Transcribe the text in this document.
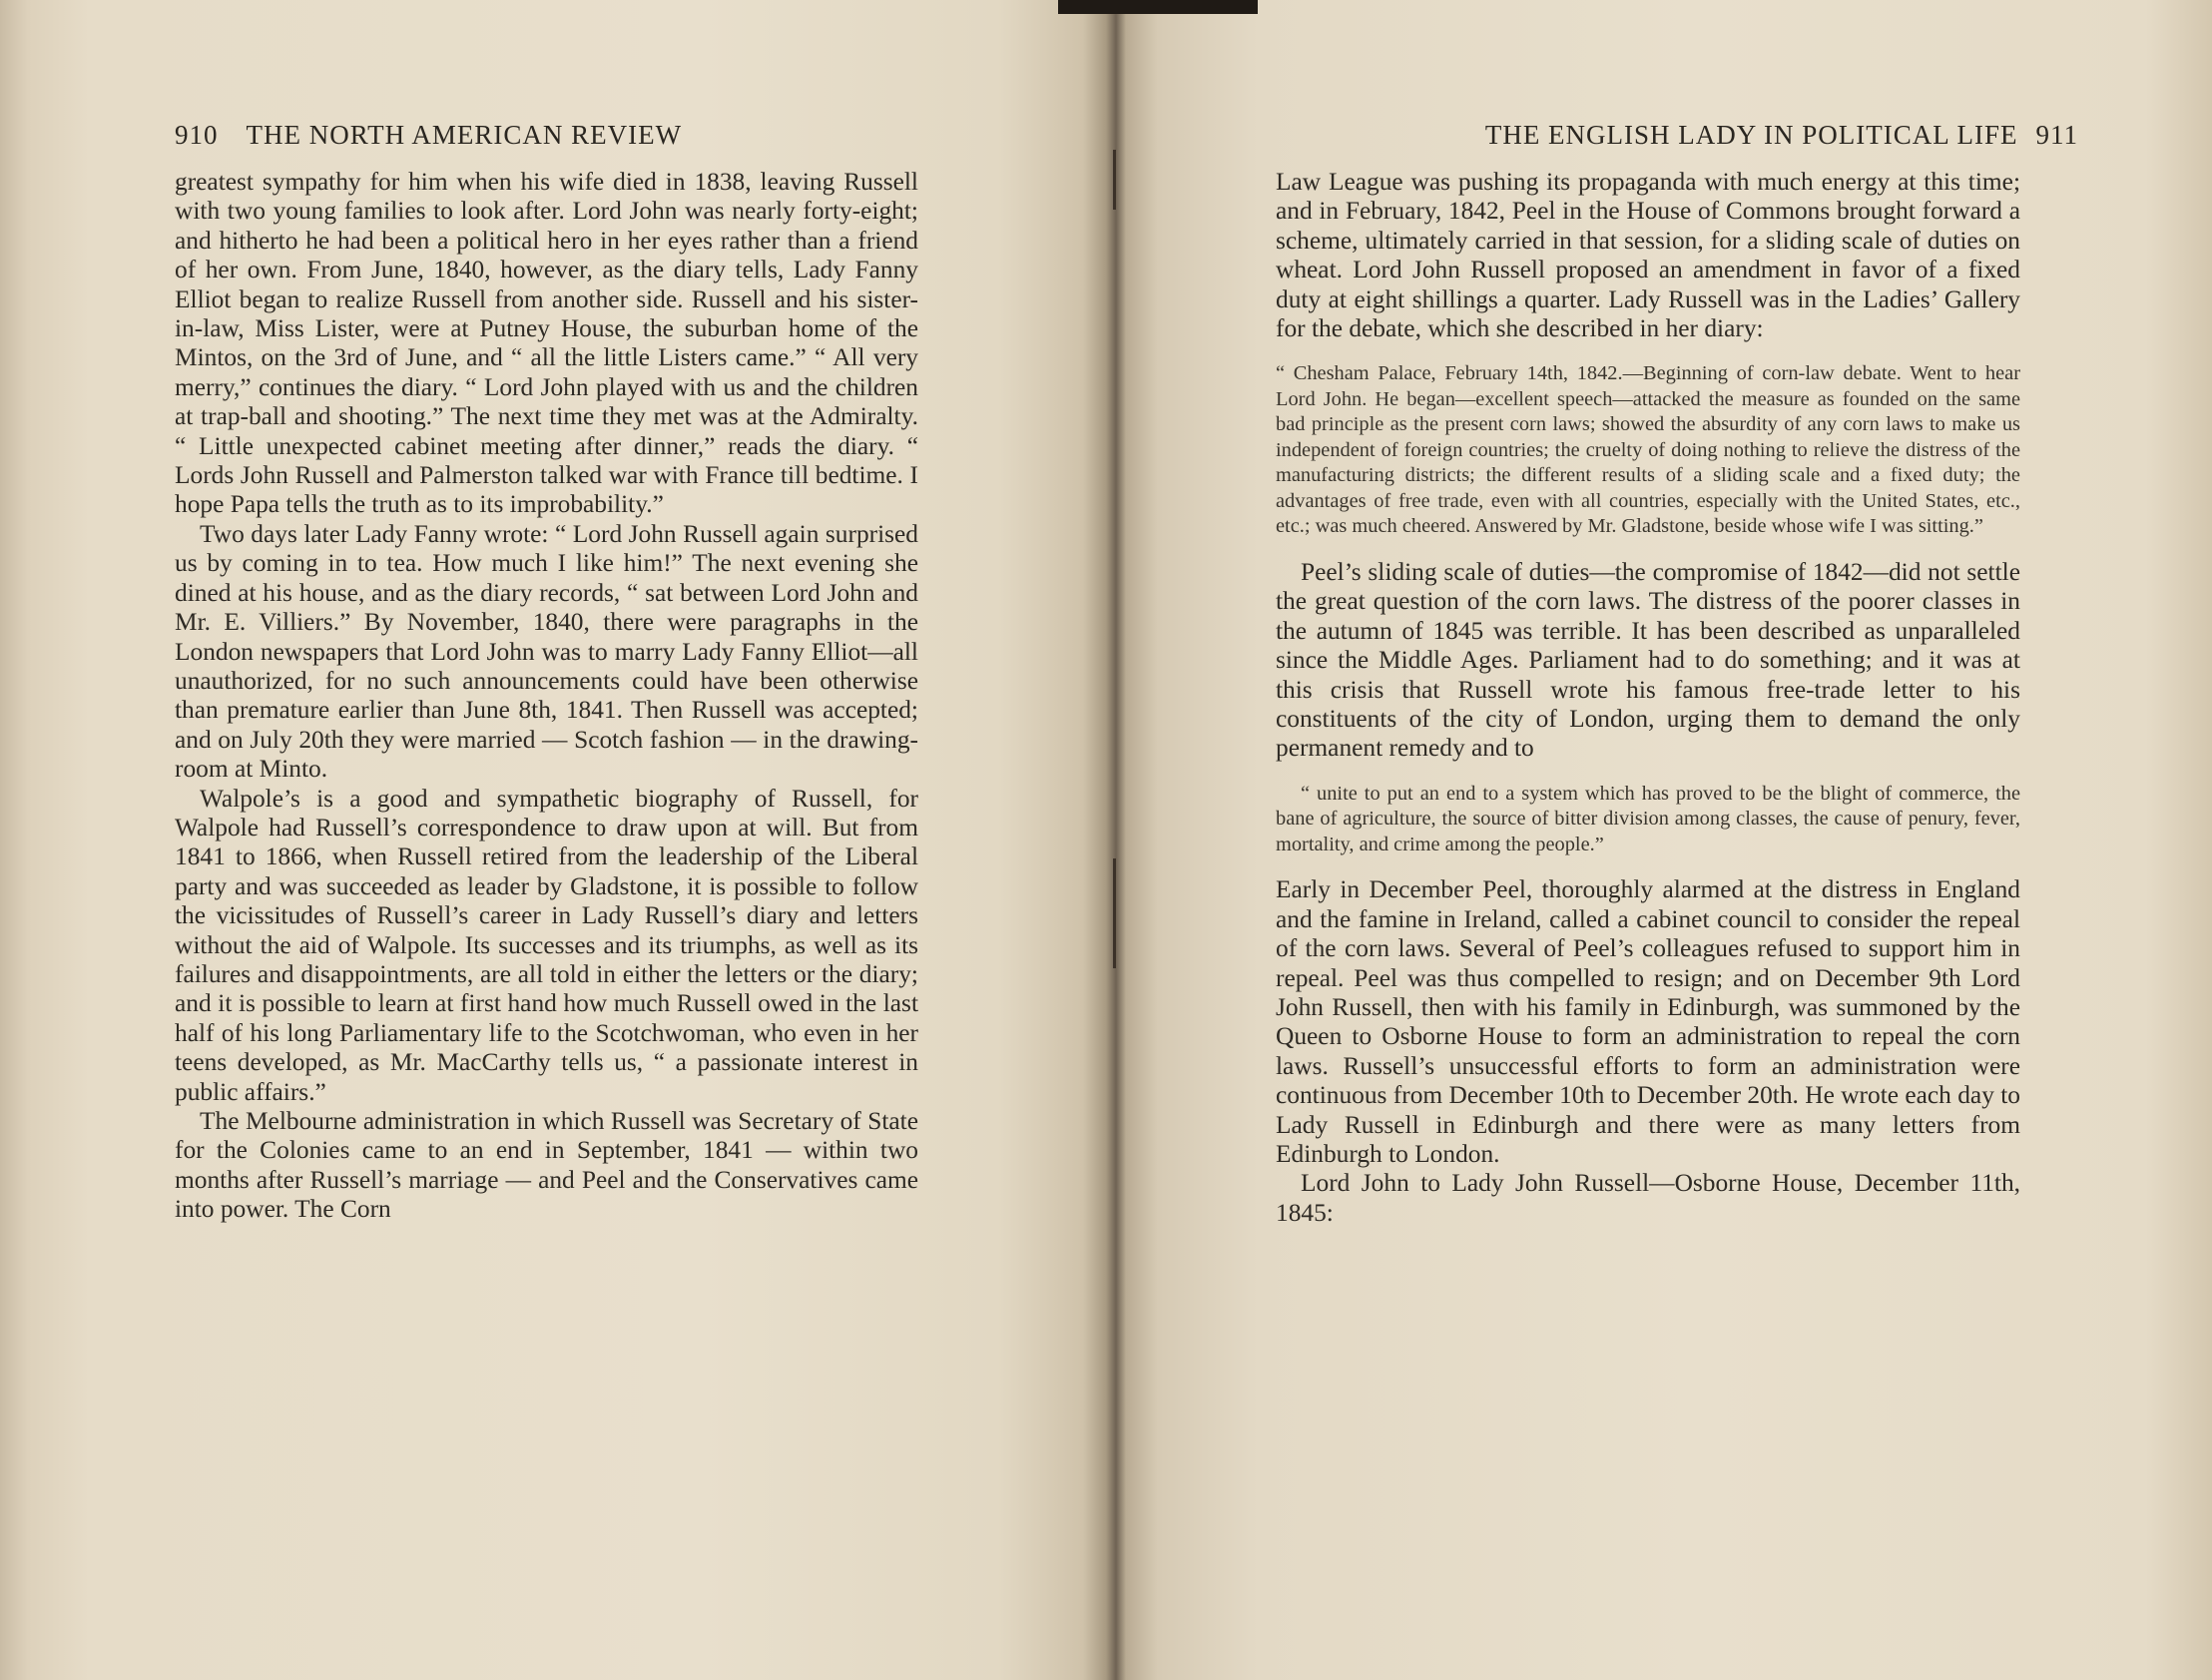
910 THE NORTH AMERICAN REVIEW

greatest sympathy for him when his wife died in 1838, leaving Russell with two young families to look after. Lord John was nearly forty-eight; and hitherto he had been a political hero in her eyes rather than a friend of her own. From June, 1840, however, as the diary tells, Lady Fanny Elliot began to realize Russell from another side. Russell and his sister-in-law, Miss Lister, were at Putney House, the suburban home of the Mintos, on the 3rd of June, and “ all the little Listers came.” “ All very merry,” continues the diary. “ Lord John played with us and the children at trap-ball and shooting.” The next time they met was at the Admiralty. “ Little unexpected cabinet meeting after dinner,” reads the diary. “ Lords John Russell and Palmerston talked war with France till bedtime. I hope Papa tells the truth as to its improbability.”

Two days later Lady Fanny wrote: “ Lord John Russell again surprised us by coming in to tea. How much I like him!” The next evening she dined at his house, and as the diary records, “ sat between Lord John and Mr. E. Villiers.” By November, 1840, there were paragraphs in the London newspapers that Lord John was to marry Lady Fanny Elliot—all unauthorized, for no such announcements could have been otherwise than premature earlier than June 8th, 1841. Then Russell was accepted; and on July 20th they were married — Scotch fashion — in the drawing-room at Minto.

Walpole’s is a good and sympathetic biography of Russell, for Walpole had Russell’s correspondence to draw upon at will. But from 1841 to 1866, when Russell retired from the leadership of the Liberal party and was succeeded as leader by Gladstone, it is possible to follow the vicissitudes of Russell’s career in Lady Russell’s diary and letters without the aid of Walpole. Its successes and its triumphs, as well as its failures and disappointments, are all told in either the letters or the diary; and it is possible to learn at first hand how much Russell owed in the last half of his long Parliamentary life to the Scotchwoman, who even in her teens developed, as Mr. MacCarthy tells us, “ a passionate interest in public affairs.”

The Melbourne administration in which Russell was Secretary of State for the Colonies came to an end in September, 1841 — within two months after Russell’s marriage — and Peel and the Conservatives came into power. The Corn

THE ENGLISH LADY IN POLITICAL LIFE 911

Law League was pushing its propaganda with much energy at this time; and in February, 1842, Peel in the House of Commons brought forward a scheme, ultimately carried in that session, for a sliding scale of duties on wheat. Lord John Russell proposed an amendment in favor of a fixed duty at eight shillings a quarter. Lady Russell was in the Ladies’ Gallery for the debate, which she described in her diary:

“ Chesham Palace, February 14th, 1842.—Beginning of corn-law debate. Went to hear Lord John. He began—excellent speech—attacked the measure as founded on the same bad principle as the present corn laws; showed the absurdity of any corn laws to make us independent of foreign countries; the cruelty of doing nothing to relieve the distress of the manufacturing districts; the different results of a sliding scale and a fixed duty; the advantages of free trade, even with all countries, especially with the United States, etc., etc.; was much cheered. Answered by Mr. Gladstone, beside whose wife I was sitting.”

Peel’s sliding scale of duties—the compromise of 1842—did not settle the great question of the corn laws. The distress of the poorer classes in the autumn of 1845 was terrible. It has been described as unparalleled since the Middle Ages. Parliament had to do something; and it was at this crisis that Russell wrote his famous free-trade letter to his constituents of the city of London, urging them to demand the only permanent remedy and to

“ unite to put an end to a system which has proved to be the blight of commerce, the bane of agriculture, the source of bitter division among classes, the cause of penury, fever, mortality, and crime among the people.”

Early in December Peel, thoroughly alarmed at the distress in England and the famine in Ireland, called a cabinet council to consider the repeal of the corn laws. Several of Peel’s colleagues refused to support him in repeal. Peel was thus compelled to resign; and on December 9th Lord John Russell, then with his family in Edinburgh, was summoned by the Queen to Osborne House to form an administration to repeal the corn laws. Russell’s unsuccessful efforts to form an administration were continuous from December 10th to December 20th. He wrote each day to Lady Russell in Edinburgh and there were as many letters from Edinburgh to London.

Lord John to Lady John Russell—Osborne House, December 11th, 1845:
